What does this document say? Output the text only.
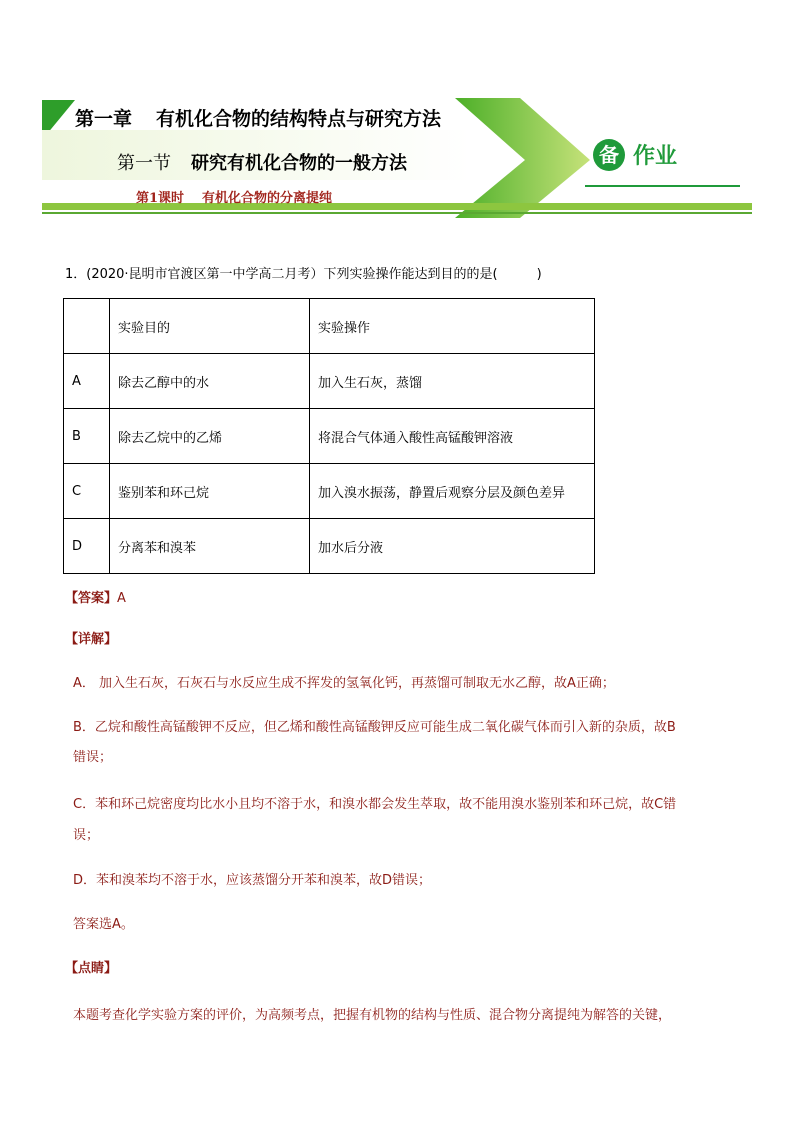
第一章 有机化合物的结构特点与研究方法
第一节 研究有机化合物的一般方法
第1课时 有机化合物的分离提纯
备 作业
1．(2020·昆明市官渡区第一中学高二月考）下列实验操作能达到目的的是(　　　)
	实验目的	实验操作
A	除去乙醇中的水	加入生石灰，蒸馏
B	除去乙烷中的乙烯	将混合气体通入酸性高锰酸钾溶液
C	鉴别苯和环己烷	加入溴水振荡，静置后观察分层及颜色差异
D	分离苯和溴苯	加水后分液
【答案】A
【详解】
A． 加入生石灰，石灰石与水反应生成不挥发的氢氧化钙，再蒸馏可制取无水乙醇，故A正确；
B．乙烷和酸性高锰酸钾不反应，但乙烯和酸性高锰酸钾反应可能生成二氧化碳气体而引入新的杂质，故B
错误；
C．苯和环己烷密度均比水小且均不溶于水，和溴水都会发生萃取，故不能用溴水鉴别苯和环己烷，故C错
误；
D．苯和溴苯均不溶于水，应该蒸馏分开苯和溴苯，故D错误；
答案选A。
【点睛】
本题考查化学实验方案的评价，为高频考点，把握有机物的结构与性质、混合物分离提纯为解答的关键，
